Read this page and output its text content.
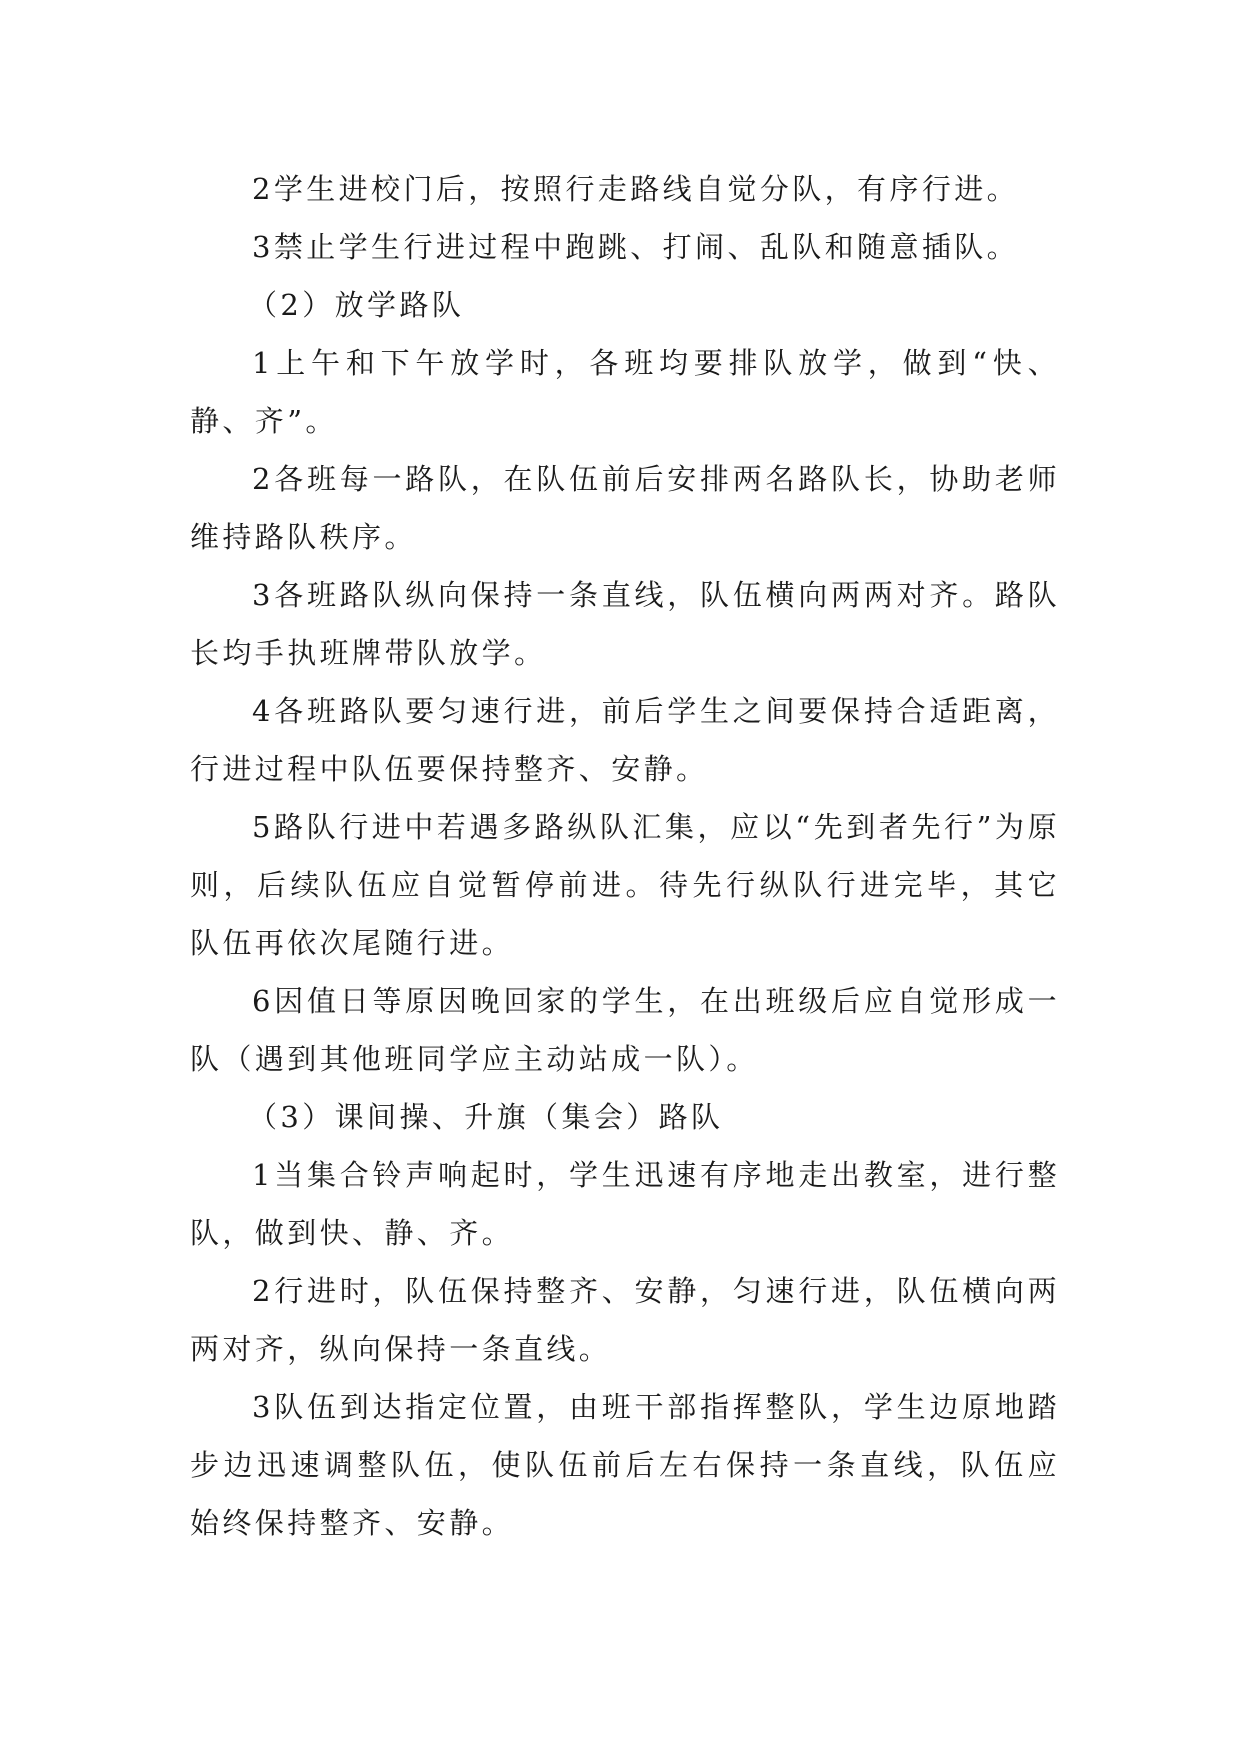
2学生进校门后，按照行走路线自觉分队，有序行进。

3禁止学生行进过程中跑跳、打闹、乱队和随意插队。

（2）放学路队

1上午和下午放学时，各班均要排队放学，做到“快、静、齐”。

2各班每一路队，在队伍前后安排两名路队长，协助老师维持路队秩序。

3各班路队纵向保持一条直线，队伍横向两两对齐。路队长均手执班牌带队放学。

4各班路队要匀速行进，前后学生之间要保持合适距离，行进过程中队伍要保持整齐、安静。

5路队行进中若遇多路纵队汇集，应以“先到者先行”为原则，后续队伍应自觉暂停前进。待先行纵队行进完毕，其它队伍再依次尾随行进。

6因值日等原因晚回家的学生，在出班级后应自觉形成一队（遇到其他班同学应主动站成一队）。

（3）课间操、升旗（集会）路队

1当集合铃声响起时，学生迅速有序地走出教室，进行整队，做到快、静、齐。

2行进时，队伍保持整齐、安静，匀速行进，队伍横向两两对齐，纵向保持一条直线。

3队伍到达指定位置，由班干部指挥整队，学生边原地踏步边迅速调整队伍，使队伍前后左右保持一条直线，队伍应始终保持整齐、安静。
